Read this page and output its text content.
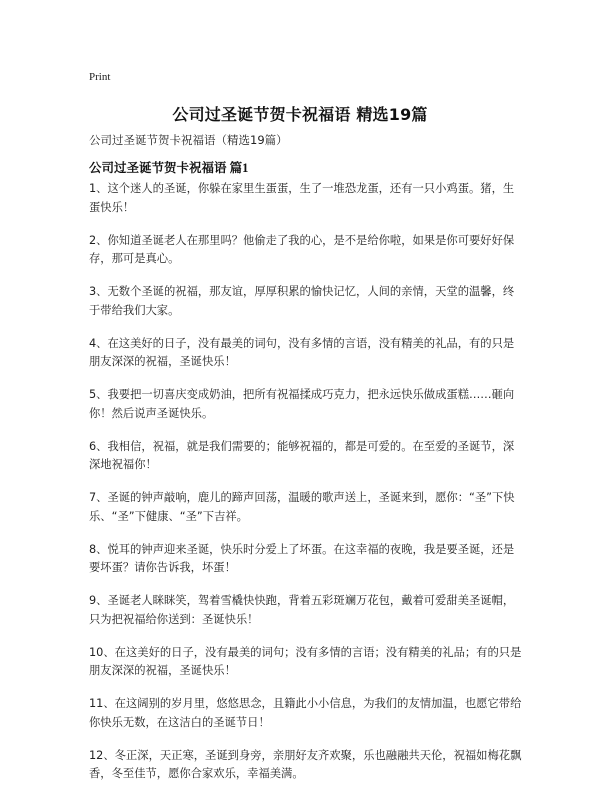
Print
公司过圣诞节贺卡祝福语 精选19篇
公司过圣诞节贺卡祝福语（精选19篇）
公司过圣诞节贺卡祝福语 篇1
1、这个迷人的圣诞，你躲在家里生蛋蛋，生了一堆恐龙蛋，还有一只小鸡蛋。猪，生蛋快乐！
2、你知道圣诞老人在那里吗？他偷走了我的心，是不是给你啦，如果是你可要好好保存，那可是真心。
3、无数个圣诞的祝福，那友谊，厚厚积累的愉快记忆，人间的亲情，天堂的温馨，终于带给我们大家。
4、在这美好的日子，没有最美的词句，没有多情的言语，没有精美的礼品，有的只是朋友深深的祝福，圣诞快乐！
5、我要把一切喜庆变成奶油，把所有祝福揉成巧克力，把永远快乐做成蛋糕……砸向你！然后说声圣诞快乐。
6、我相信，祝福，就是我们需要的；能够祝福的，都是可爱的。在至爱的圣诞节，深深地祝福你！
7、圣诞的钟声敲响，鹿儿的蹄声回荡，温暖的歌声送上，圣诞来到，愿你：“圣”下快乐、“圣”下健康、“圣”下吉祥。
8、悦耳的钟声迎来圣诞，快乐时分爱上了坏蛋。在这幸福的夜晚，我是要圣诞，还是要坏蛋？请你告诉我，坏蛋！
9、圣诞老人眯眯笑，驾着雪橇快快跑，背着五彩斑斓万花包，戴着可爱甜美圣诞帽，只为把祝福给你送到：圣诞快乐！
10、在这美好的日子，没有最美的词句；没有多情的言语；没有精美的礼品；有的只是朋友深深的祝福，圣诞快乐！
11、在这阔别的岁月里，悠悠思念，且籍此小小信息，为我们的友情加温，也愿它带给你快乐无数，在这洁白的圣诞节日！
12、冬正深，天正寒，圣诞到身旁，亲朋好友齐欢聚，乐也融融共天伦，祝福如梅花飘香，冬至佳节，愿你合家欢乐，幸福美满。
